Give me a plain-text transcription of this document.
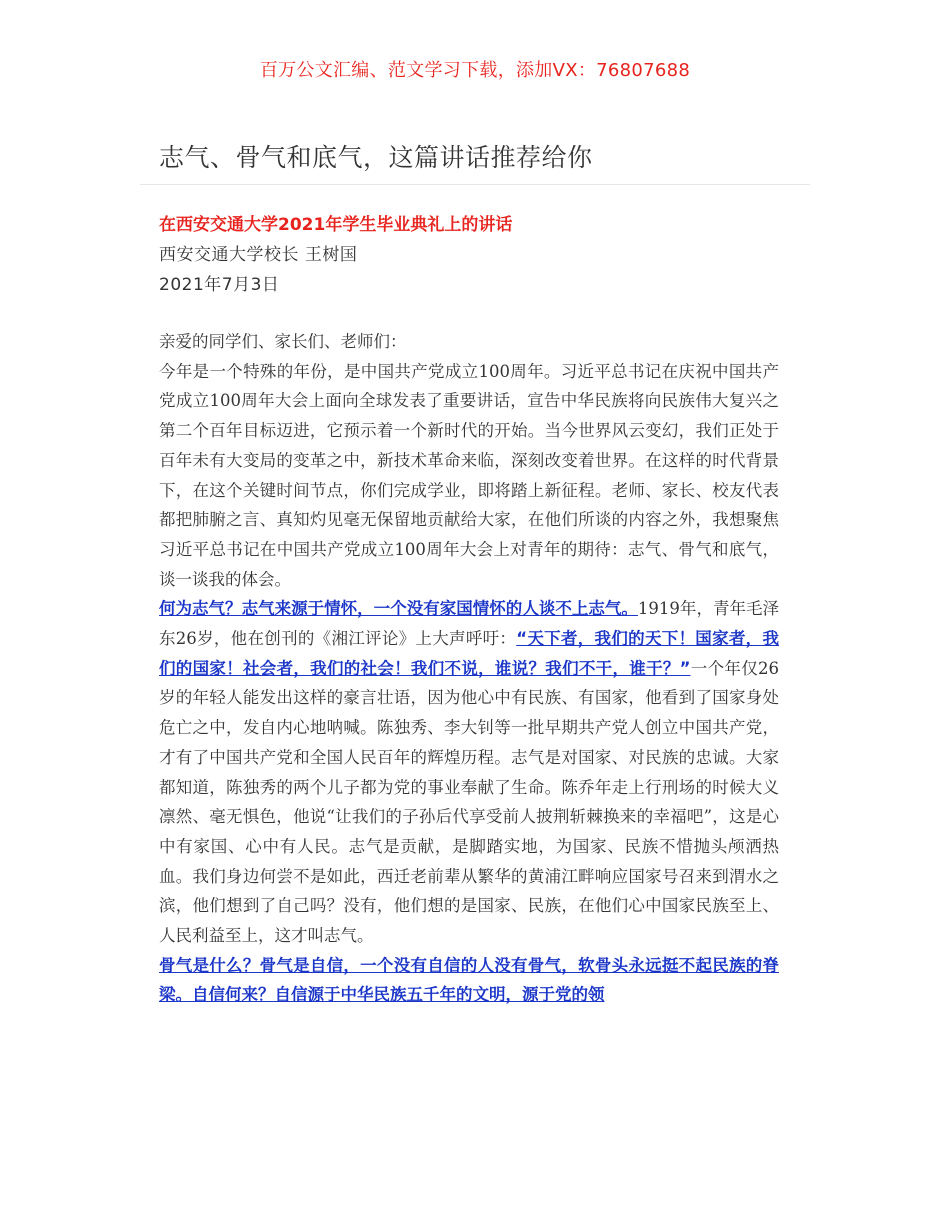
百万公文汇编、范文学习下载，添加VX：76807688
志气、骨气和底气，这篇讲话推荐给你
在西安交通大学2021年学生毕业典礼上的讲话
西安交通大学校长 王树国
2021年7月3日

亲爱的同学们、家长们、老师们：

今年是一个特殊的年份，是中国共产党成立100周年。习近平总书记在庆祝中国共产党成立100周年大会上面向全球发表了重要讲话，宣告中华民族将向民族伟大复兴之第二个百年目标迈进，它预示着一个新时代的开始。当今世界风云变幻，我们正处于百年未有大变局的变革之中，新技术革命来临，深刻改变着世界。在这样的时代背景下，在这个关键时间节点，你们完成学业，即将踏上新征程。老师、家长、校友代表都把肺腑之言、真知灼见毫无保留地贡献给大家，在他们所谈的内容之外，我想聚焦习近平总书记在中国共产党成立100周年大会上对青年的期待：志气、骨气和底气，谈一谈我的体会。

何为志气？志气来源于情怀，一个没有家国情怀的人谈不上志气。1919年，青年毛泽东26岁，他在创刊的《湘江评论》上大声呼吁：“天下者，我们的天下！国家者，我们的国家！社会者，我们的社会！我们不说，谁说？我们不干，谁干？”一个年仅26岁的年轻人能发出这样的豪言壮语，因为他心中有民族、有国家，他看到了国家身处危亡之中，发自内心地呐喊。陈独秀、李大钊等一批早期共产党人创立中国共产党，才有了中国共产党和全国人民百年的辉煌历程。志气是对国家、对民族的忠诚。大家都知道，陈独秀的两个儿子都为党的事业奉献了生命。陈乔年走上行刑场的时候大义凛然、毫无惧色，他说“让我们的子孙后代享受前人披荆斩棘换来的幸福吧”，这是心中有家国、心中有人民。志气是贡献，是脚踏实地，为国家、民族不惜抛头颅洒热血。我们身边何尝不是如此，西迁老前辈从繁华的黄浦江畔响应国家号召来到渭水之滨，他们想到了自己吗？没有，他们想的是国家、民族，在他们心中国家民族至上、人民利益至上，这才叫志气。

骨气是什么？骨气是自信，一个没有自信的人没有骨气，软骨头永远挺不起民族的脊梁。自信何来？自信源于中华民族五千年的文明，源于党的领
